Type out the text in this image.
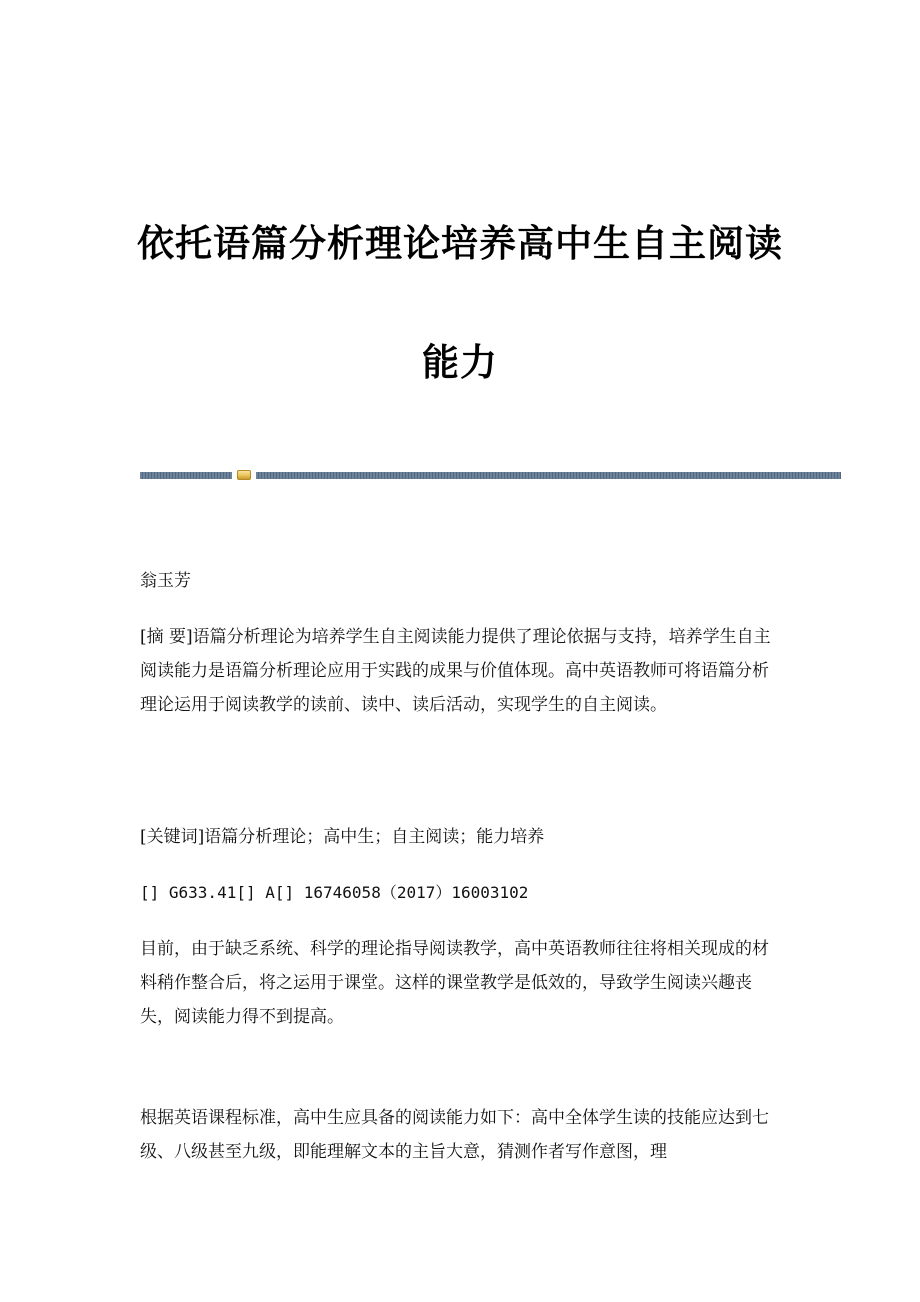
依托语篇分析理论培养高中生自主阅读
能力

翁玉芳

[摘 要]语篇分析理论为培养学生自主阅读能力提供了理论依据与支持，培养学生自主阅读能力是语篇分析理论应用于实践的成果与价值体现。高中英语教师可将语篇分析理论运用于阅读教学的读前、读中、读后活动，实现学生的自主阅读。

[关键词]语篇分析理论；高中生；自主阅读；能力培养

[] G633.41[] A[] 16746058（2017）16003102

目前，由于缺乏系统、科学的理论指导阅读教学，高中英语教师往往将相关现成的材料稍作整合后，将之运用于课堂。这样的课堂教学是低效的，导致学生阅读兴趣丧失，阅读能力得不到提高。

根据英语课程标准，高中生应具备的阅读能力如下：高中全体学生读的技能应达到七级、八级甚至九级，即能理解文本的主旨大意，猜测作者写作意图，理
